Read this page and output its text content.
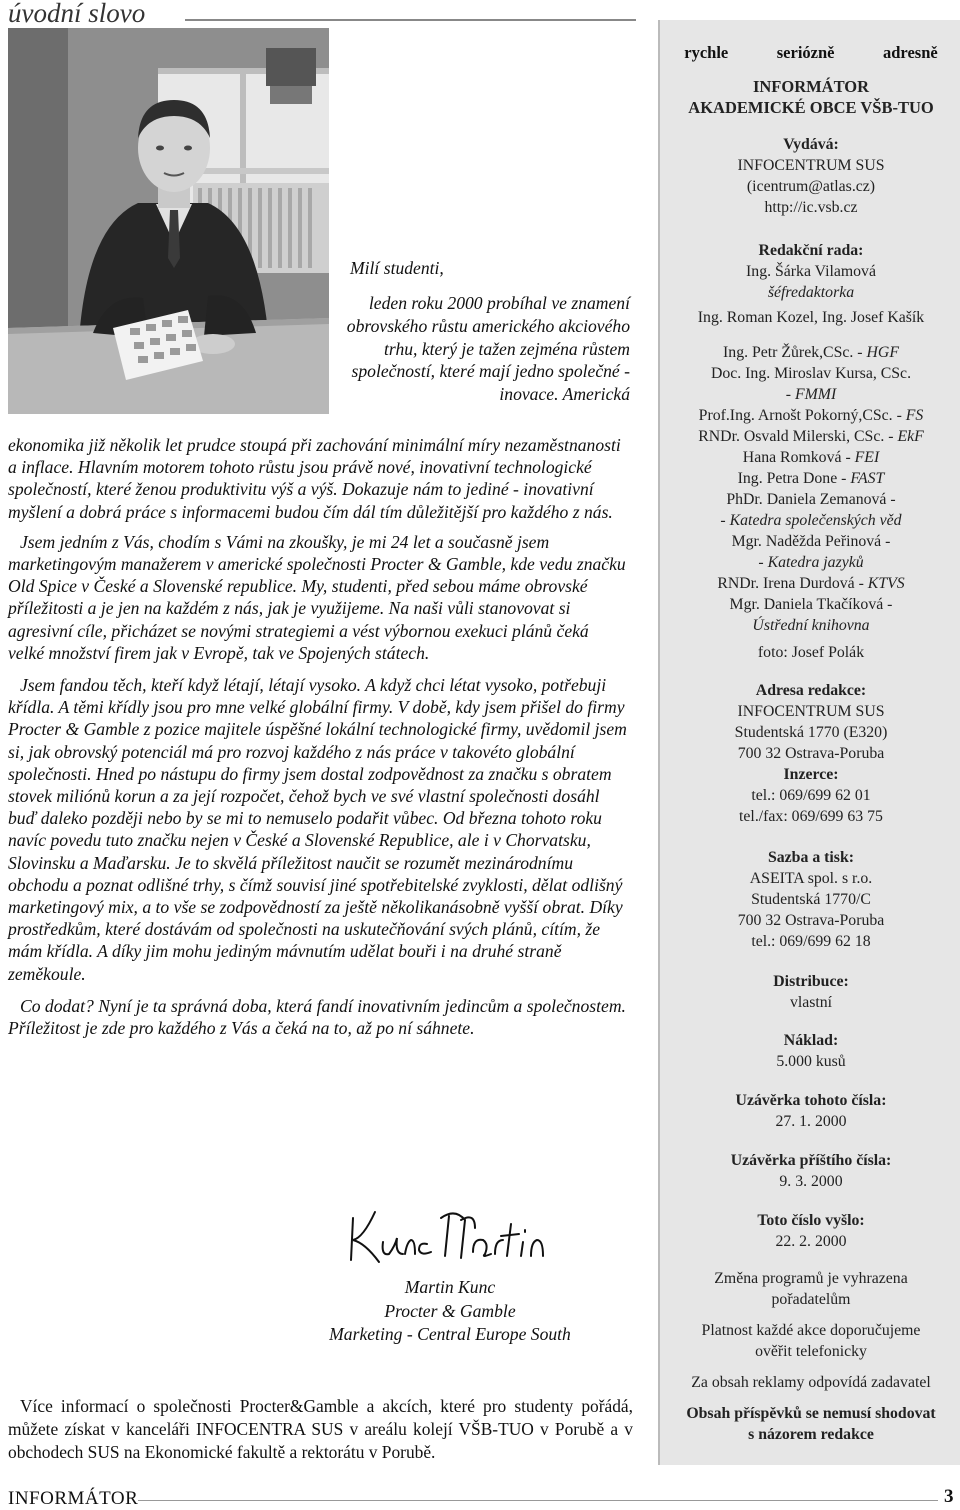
úvodní slovo
Milí studenti,
leden roku 2000 probíhal ve znamení obrovského růstu amerického akciového trhu, který je tažen zejména růstem společností, které mají jedno společné - inovace. Americká

ekonomika již několik let prudce stoupá při zachování minimální míry nezaměstnanosti a inflace. Hlavním motorem tohoto růstu jsou právě nové, inovativní technologické společností, které ženou produktivitu výš a výš. Dokazuje nám to jediné - inovativní myšlení a dobrá práce s informacemi budou čím dál tím důležitější pro každého z nás.

Jsem jedním z Vás, chodím s Vámi na zkoušky, je mi 24 let a současně jsem marketingovým manažerem v americké společnosti Procter & Gamble, kde vedu značku Old Spice v České a Slovenské republice. My, studenti, před sebou máme obrovské příležitosti a je jen na každém z nás, jak je využijeme. Na naši vůli stanovovat si agresivní cíle, přicházet se novými strategiemi a vést výbornou exekuci plánů čeká velké množství firem jak v Evropě, tak ve Spojených státech.

Jsem fandou těch, kteří když létají, létají vysoko. A když chci létat vysoko, potřebuji křídla. A těmi křídly jsou pro mne velké globální firmy. V době, kdy jsem přišel do firmy Procter & Gamble z pozice majitele úspěšné lokální technologické firmy, uvědomil jsem si, jak obrovský potenciál má pro rozvoj každého z nás práce v takovéto globální společnosti. Hned po nástupu do firmy jsem dostal zodpovědnost za značku s obratem stovek miliónů korun a za její rozpočet, čehož bych ve své vlastní společnosti dosáhl buď daleko později nebo by se mi to nemuselo podařit vůbec. Od března tohoto roku navíc povedu tuto značku nejen v České a Slovenské Republice, ale i v Chorvatsku, Slovinsku a Maďarsku. Je to skvělá příležitost naučit se rozumět mezinárodnímu obchodu a poznat odlišné trhy, s čímž souvisí jiné spotřebitelské zvyklosti, dělat odlišný marketingový mix, a to vše se zodpovědností za ještě několikanásobně vyšší obrat. Díky prostředkům, které dostávám od společnosti na uskutečňování svých plánů, cítím, že mám křídla. A díky jim mohu jediným mávnutím udělat bouři i na druhé straně zeměkoule.

Co dodat? Nyní je ta správná doba, která fandí inovativním jedincům a společnostem. Příležitost je zde pro každého z Vás a čeká na to, až po ní sáhnete.

Martin Kunc
Procter & Gamble
Marketing - Central Europe South
Více informací o společnosti Procter&Gamble a akcích, které pro studenty pořádá, můžete získat v kanceláři INFOCENTRA SUS v areálu kolejí VŠB-TUO v Porubě a v obchodech SUS na Ekonomické fakultě a rektorátu v Porubě.
INFORMÁTOR	3
rychle	seriózně	adresně
INFORMÁTOR
AKADEMICKÉ OBCE VŠB-TUO
Vydává:
INFOCENTRUM SUS
(icentrum@atlas.cz)
http://ic.vsb.cz
Redakční rada:
Ing. Šárka Vilamová
šéfredaktorka
Ing. Roman Kozel, Ing. Josef Kašík
Ing. Petr Žůrek,CSc. - HGF
Doc. Ing. Miroslav Kursa, CSc.
- FMMI
Prof.Ing. Arnošt Pokorný,CSc. - FS
RNDr. Osvald Milerski, CSc. - EkF
Hana Romková - FEI
Ing. Petra Done - FAST
PhDr. Daniela Zemanová -
- Katedra společenských věd
Mgr. Naděžda Peřinová -
- Katedra jazyků
RNDr. Irena Durdová - KTVS
Mgr. Daniela Tkačíková -
Ústřední knihovna
foto: Josef Polák
Adresa redakce:
INFOCENTRUM SUS
Studentská 1770 (E320)
700 32 Ostrava-Poruba
Inzerce:
tel.: 069/699 62 01
tel./fax: 069/699 63 75
Sazba a tisk:
ASEITA spol. s r.o.
Studentská 1770/C
700 32 Ostrava-Poruba
tel.: 069/699 62 18
Distribuce:
vlastní
Náklad:
5.000 kusů
Uzávěrka tohoto čísla:
27. 1. 2000
Uzávěrka příštího čísla:
9. 3. 2000
Toto číslo vyšlo:
22. 2. 2000
Změna programů je vyhrazena
pořadatelům
Platnost každé akce doporučujeme
ověřit telefonicky
Za obsah reklamy odpovídá zadavatel
Obsah příspěvků se nemusí shodovat
s názorem redakce
